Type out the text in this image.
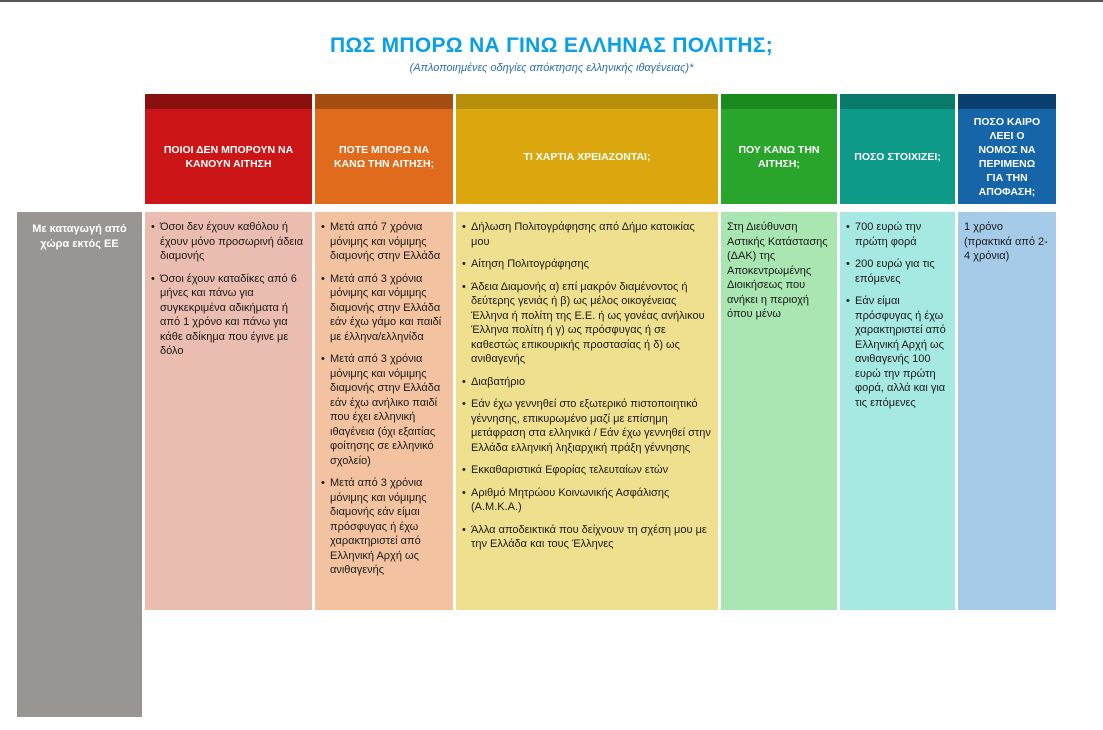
ΠΩΣ ΜΠΟΡΩ ΝΑ ΓΙΝΩ ΕΛΛΗΝΑΣ ΠΟΛΙΤΗΣ;
(Απλοποιημένες οδηγίες απόκτησης ελληνικής ιθαγένειας)*
Με καταγωγή από χώρα εκτός ΕΕ
ΠΟΙΟΙ ΔΕΝ ΜΠΟΡΟΥΝ ΝΑ ΚΑΝΟΥΝ ΑΙΤΗΣΗ
• Όσοι δεν έχουν καθόλου ή έχουν μόνο προσωρινή άδεια διαμονής
• Όσοι έχουν καταδίκες από 6 μήνες και πάνω για συγκεκριμένα αδικήματα ή από 1 χρόνο και πάνω για κάθε αδίκημα που έγινε με δόλο
ΠΟΤΕ ΜΠΟΡΩ ΝΑ ΚΑΝΩ ΤΗΝ ΑΙΤΗΣΗ;
• Μετά από 7 χρόνια μόνιμης και νόμιμης διαμονής στην Ελλάδα
• Μετά από 3 χρόνια μόνιμης και νόμιμης διαμονής στην Ελλάδα εάν έχω γάμο και παιδί με έλληνα/ελληνίδα
• Μετά από 3 χρόνια μόνιμης και νόμιμης διαμονής στην Ελλάδα εάν έχω ανήλικο παιδί που έχει ελληνική ιθαγένεια (όχι εξαιτίας φοίτησης σε ελληνικό σχολείο)
• Μετά από 3 χρόνια μόνιμης και νόμιμης διαμονής εάν είμαι πρόσφυγας ή έχω χαρακτηριστεί από Ελληνική Αρχή ως ανιθαγενής
ΤΙ ΧΑΡΤΙΑ ΧΡΕΙΑΖΟΝΤΑΙ;
• Δήλωση Πολιτογράφησης από Δήμο κατοικίας μου
• Αίτηση Πολιτογράφησης
• Άδεια Διαμονής α) επί μακρόν διαμένοντος ή δεύτερης γενιάς ή β) ως μέλος οικογένειας Έλληνα ή πολίτη της Ε.Ε. ή ως γονέας ανήλικου Έλληνα πολίτη ή γ) ως πρόσφυγας ή σε καθεστώς επικουρικής προστασίας ή δ) ως ανιθαγενής
• Διαβατήριο
• Εάν έχω γεννηθεί στο εξωτερικό πιστοποιητικό γέννησης, επικυρωμένο μαζί με επίσημη μετάφραση στα ελληνικά / Εάν έχω γεννηθεί στην Ελλάδα ελληνική ληξιαρχική πράξη γέννησης
• Εκκαθαριστικά Εφορίας τελευταίων ετών
• Αριθμό Μητρώου Κοινωνικής Ασφάλισης (Α.Μ.Κ.Α.)
• Άλλα αποδεικτικά που δείχνουν τη σχέση μου με την Ελλάδα και τους Έλληνες
ΠΟΥ ΚΑΝΩ ΤΗΝ ΑΙΤΗΣΗ;

Στη Διεύθυνση Αστικής Κατάστασης (ΔΑΚ) της Αποκεντρωμένης Διοικήσεως που ανήκει η περιοχή όπου μένω

ΠΟΣΟ ΣΤΟΙΧΙΖΕΙ;
• 700 ευρώ την πρώτη φορά
• 200 ευρώ για τις επόμενες
• Εάν είμαι πρόσφυγας ή έχω χαρακτηριστεί από Ελληνική Αρχή ως ανιθαγενής 100 ευρώ την πρώτη φορά, αλλά και για τις επόμενες
ΠΟΣΟ ΚΑΙΡΟ ΛΕΕΙ Ο ΝΟΜΟΣ ΝΑ ΠΕΡΙΜΕΝΩ ΓΙΑ ΤΗΝ ΑΠΟΦΑΣΗ;

1 χρόνο (πρακτικά από 2-4 χρόνια)
